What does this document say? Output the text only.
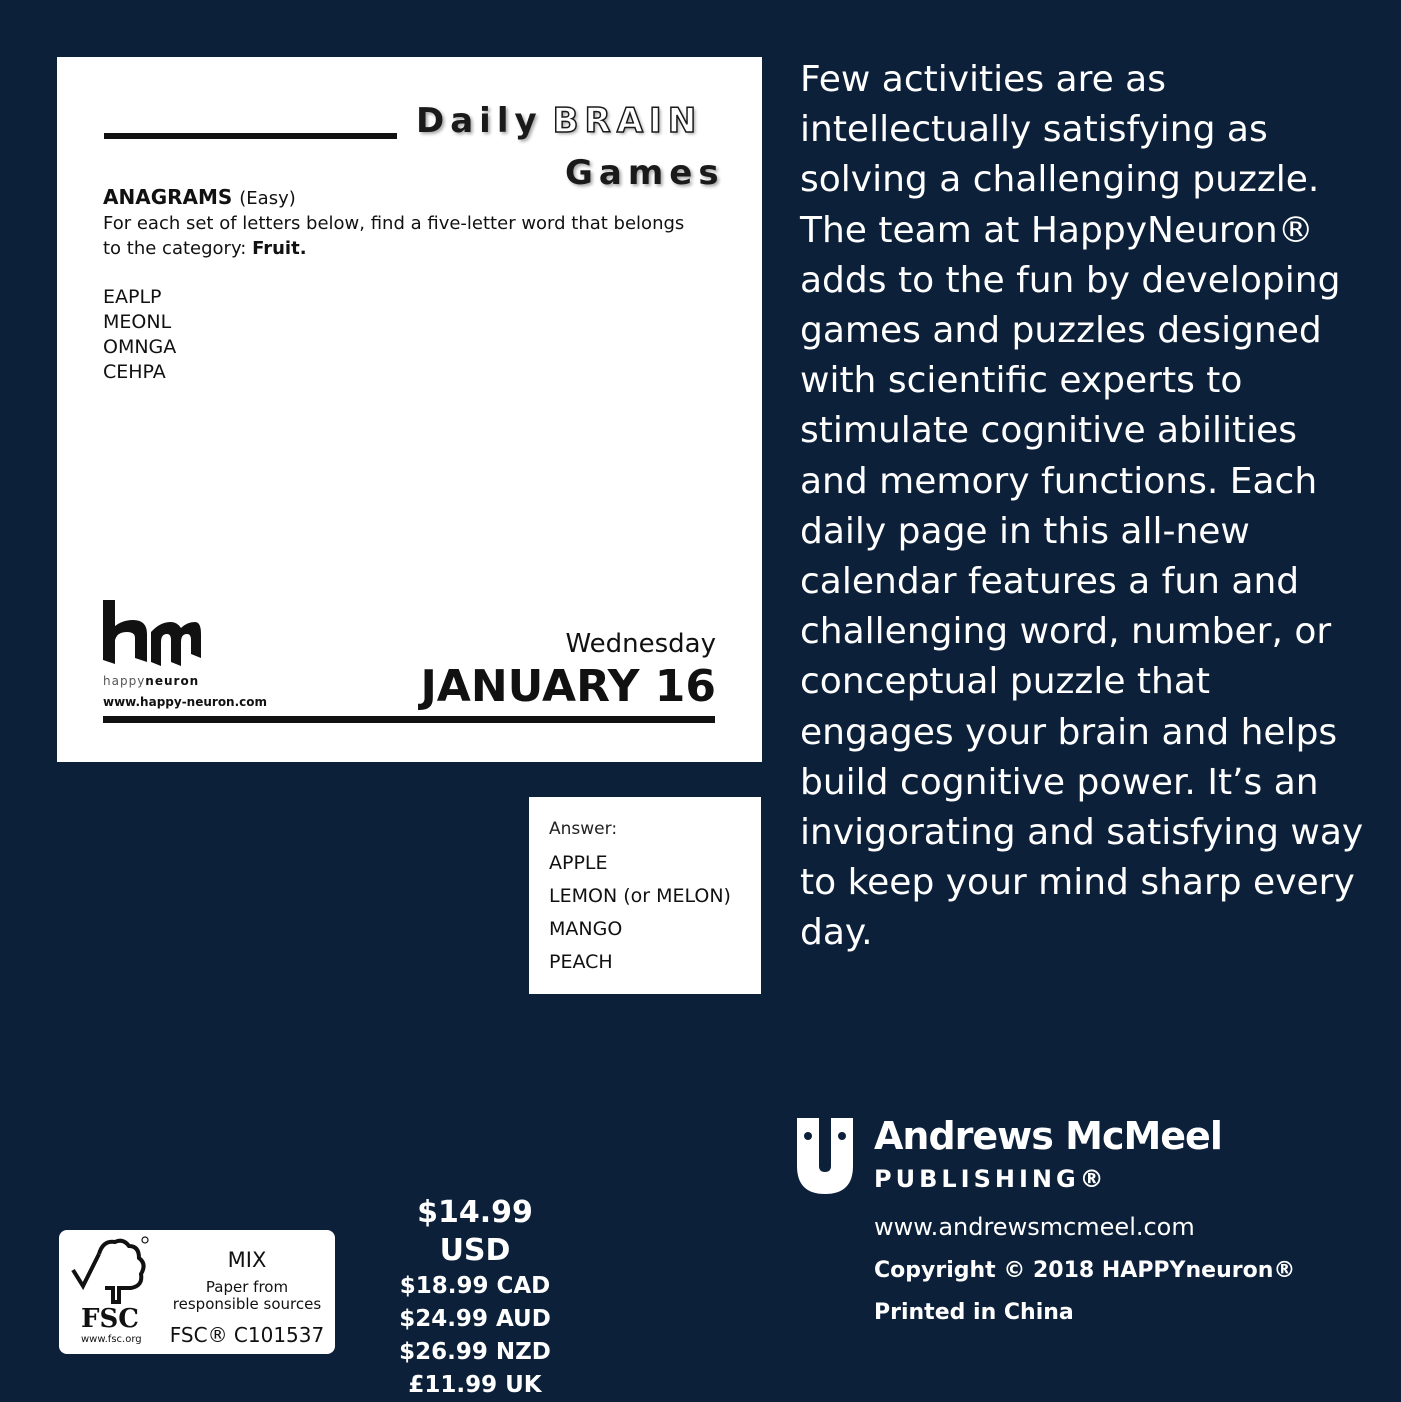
Daily BRAIN
Games
ANAGRAMS (Easy)
For each set of letters below, find a five-letter word that belongs to the category: Fruit.
EAPLP
MEONL
OMNGA
CEHPA
happyneuron
www.happy-neuron.com
Wednesday
JANUARY 16
Answer:
APPLE
LEMON (or MELON)
MANGO
PEACH
Few activities are as intellectually satisfying as solving a challenging puzzle. The team at HappyNeuron® adds to the fun by developing games and puzzles designed with scientific experts to stimulate cognitive abilities and memory functions. Each daily page in this all-new calendar features a fun and challenging word, number, or conceptual puzzle that engages your brain and helps build cognitive power. It’s an invigorating and satisfying way to keep your mind sharp every day.
Andrews McMeel
PUBLISHING®
www.andrewsmcmeel.com
Copyright © 2018 HAPPYneuron®
Printed in China
$14.99 USD
$18.99 CAD
$24.99 AUD
$26.99 NZD
£11.99 UK
FSC
www.fsc.org
MIX
Paper from
responsible sources
FSC® C101537
